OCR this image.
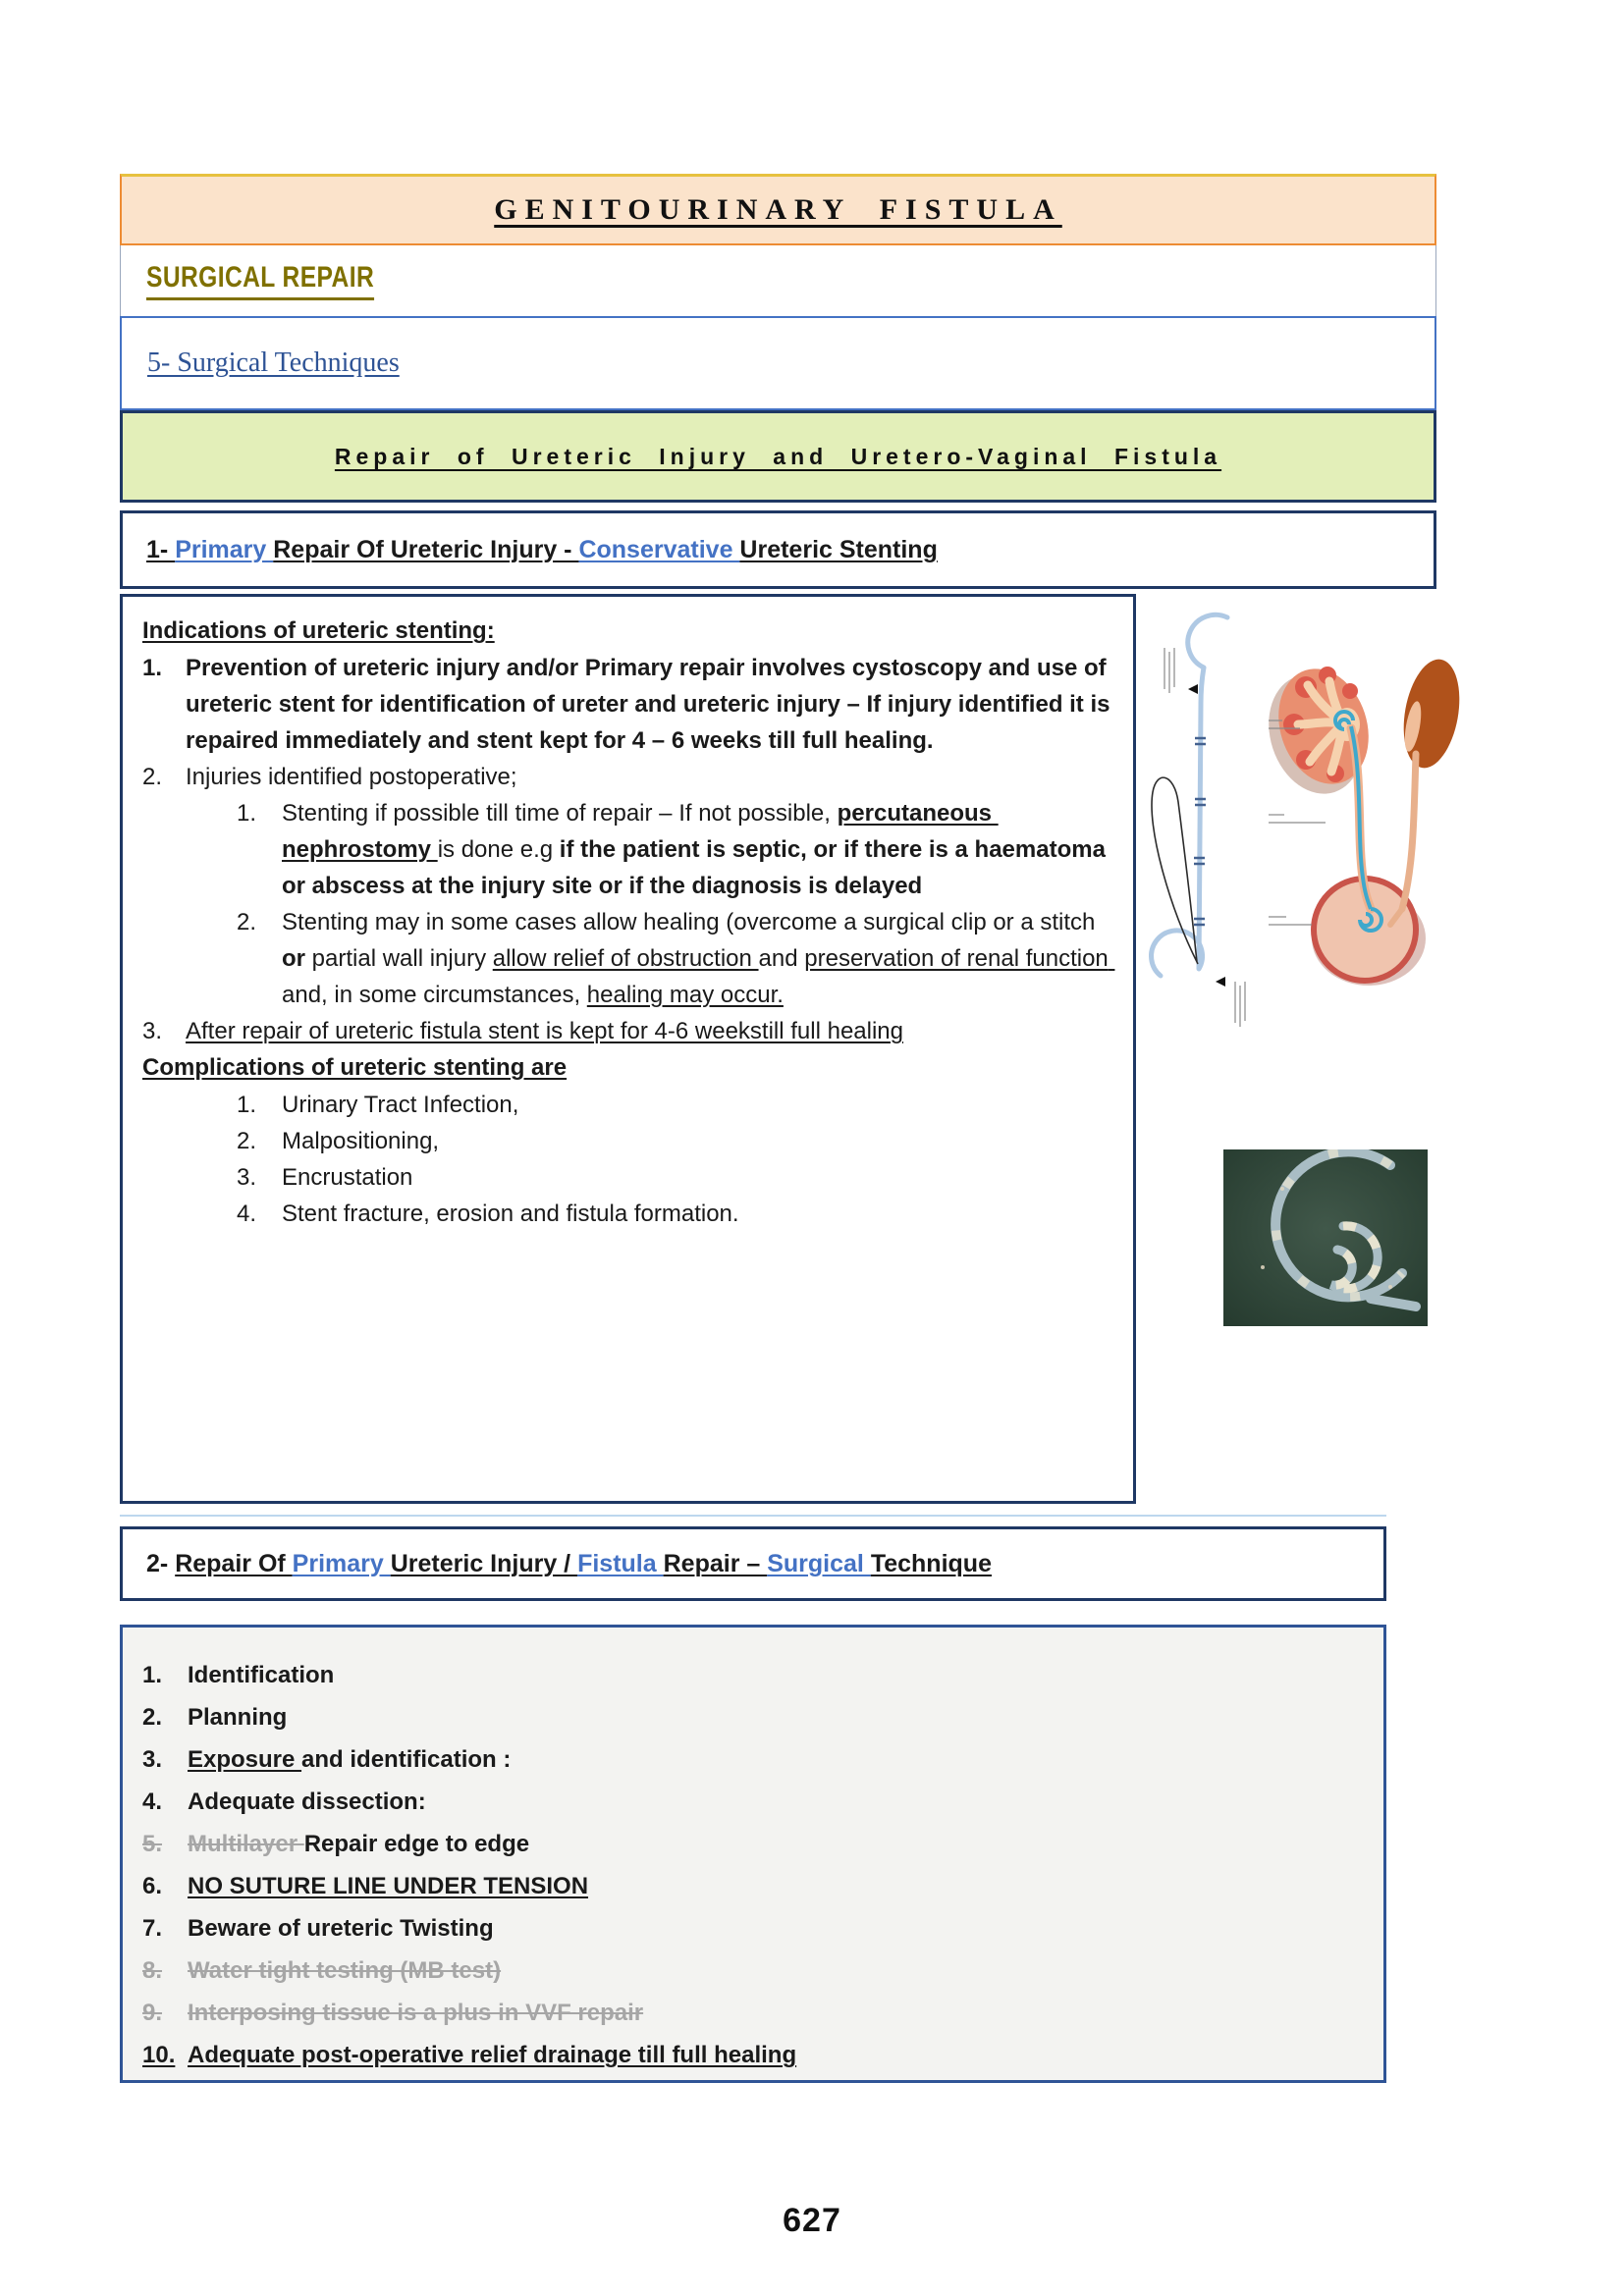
GENITOURINARY FISTULA
SURGICAL REPAIR
5- Surgical Techniques
Repair of Ureteric Injury and Uretero-Vaginal Fistula
1- Primary Repair Of Ureteric Injury - Conservative Ureteric Stenting
Indications of ureteric stenting:
1. Prevention of ureteric injury and/or Primary repair involves cystoscopy and use of ureteric stent for identification of ureter and ureteric injury – If injury identified it is repaired immediately and stent kept for 4 – 6 weeks till full healing.
2. Injuries identified postoperative;
1.	Stenting if possible till time of repair – If not possible, percutaneous nephrostomy is done e.g if the patient is septic, or if there is a haematoma or abscess at the injury site or if the diagnosis is delayed
2.	Stenting may in some cases allow healing (overcome a surgical clip or a stitch or partial wall injury allow relief of obstruction and preservation of renal function and, in some circumstances, healing may occur.
3. After repair of ureteric fistula stent is kept for 4-6 weekstill full healing
Complications of ureteric stenting are
1.	Urinary Tract Infection,
2.	Malpositioning,
3.	Encrustation
4.	Stent fracture, erosion and fistula formation.
2- Repair Of Primary Ureteric Injury / Fistula Repair – Surgical Technique
1.	Identification
2.	Planning
3.	Exposure and identification :
4.	Adequate dissection:
5.	Multilayer Repair edge to edge
6.	NO SUTURE LINE UNDER TENSION
7.	Beware of ureteric Twisting
8.	Water tight testing (MB test)
9.	Interposing tissue is a plus in VVF repair
10. Adequate post-operative relief drainage till full healing
627
